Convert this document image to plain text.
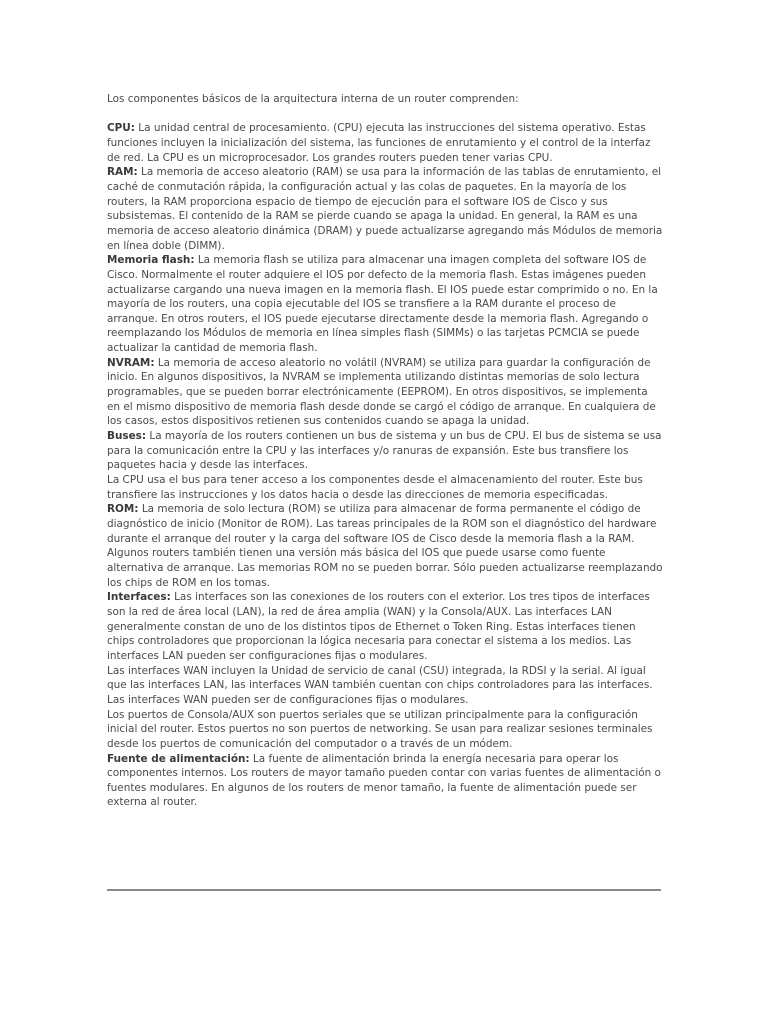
Los componentes básicos de la arquitectura interna de un router comprenden:

CPU: La unidad central de procesamiento. (CPU) ejecuta las instrucciones del sistema operativo. Estas funciones incluyen la inicialización del sistema, las funciones de enrutamiento y el control de la interfaz de red. La CPU es un microprocesador. Los grandes routers pueden tener varias CPU.

RAM: La memoria de acceso aleatorio (RAM) se usa para la información de las tablas de enrutamiento, el caché de conmutación rápida, la configuración actual y las colas de paquetes. En la mayoría de los routers, la RAM proporciona espacio de tiempo de ejecución para el software IOS de Cisco y sus subsistemas. El contenido de la RAM se pierde cuando se apaga la unidad. En general, la RAM es una memoria de acceso aleatorio dinámica (DRAM) y puede actualizarse agregando más Módulos de memoria en línea doble (DIMM).

Memoria flash: La memoria flash se utiliza para almacenar una imagen completa del software IOS de Cisco. Normalmente el router adquiere el IOS por defecto de la memoria flash. Estas imágenes pueden actualizarse cargando una nueva imagen en la memoria flash. El IOS puede estar comprimido o no. En la mayoría de los routers, una copia ejecutable del IOS se transfiere a la RAM durante el proceso de arranque. En otros routers, el IOS puede ejecutarse directamente desde la memoria flash. Agregando o reemplazando los Módulos de memoria en línea simples flash (SIMMs) o las tarjetas PCMCIA se puede actualizar la cantidad de memoria flash.

NVRAM: La memoria de acceso aleatorio no volátil (NVRAM) se utiliza para guardar la configuración de inicio. En algunos dispositivos, la NVRAM se implementa utilizando distintas memorias de solo lectura programables, que se pueden borrar electrónicamente (EEPROM). En otros dispositivos, se implementa en el mismo dispositivo de memoria flash desde donde se cargó el código de arranque. En cualquiera de los casos, estos dispositivos retienen sus contenidos cuando se apaga la unidad.

Buses: La mayoría de los routers contienen un bus de sistema y un bus de CPU. El bus de sistema se usa para la comunicación entre la CPU y las interfaces y/o ranuras de expansión. Este bus transfiere los paquetes hacia y desde las interfaces.

La CPU usa el bus para tener acceso a los componentes desde el almacenamiento del router. Este bus transfiere las instrucciones y los datos hacia o desde las direcciones de memoria especificadas.

ROM: La memoria de solo lectura (ROM) se utiliza para almacenar de forma permanente el código de diagnóstico de inicio (Monitor de ROM). Las tareas principales de la ROM son el diagnóstico del hardware durante el arranque del router y la carga del software IOS de Cisco desde la memoria flash a la RAM. Algunos routers también tienen una versión más básica del IOS que puede usarse como fuente alternativa de arranque. Las memorias ROM no se pueden borrar. Sólo pueden actualizarse reemplazando los chips de ROM en los tomas.

Interfaces: Las interfaces son las conexiones de los routers con el exterior. Los tres tipos de interfaces son la red de área local (LAN), la red de área amplia (WAN) y la Consola/AUX. Las interfaces LAN generalmente constan de uno de los distintos tipos de Ethernet o Token Ring. Estas interfaces tienen chips controladores que proporcionan la lógica necesaria para conectar el sistema a los medios. Las interfaces LAN pueden ser configuraciones fijas o modulares.

Las interfaces WAN incluyen la Unidad de servicio de canal (CSU) integrada, la RDSI y la serial. Al igual que las interfaces LAN, las interfaces WAN también cuentan con chips controladores para las interfaces. Las interfaces WAN pueden ser de configuraciones fijas o modulares.

Los puertos de Consola/AUX son puertos seriales que se utilizan principalmente para la configuración inicial del router. Estos puertos no son puertos de networking. Se usan para realizar sesiones terminales desde los puertos de comunicación del computador o a través de un módem.

Fuente de alimentación: La fuente de alimentación brinda la energía necesaria para operar los componentes internos. Los routers de mayor tamaño pueden contar con varias fuentes de alimentación o fuentes modulares. En algunos de los routers de menor tamaño, la fuente de alimentación puede ser externa al router.
